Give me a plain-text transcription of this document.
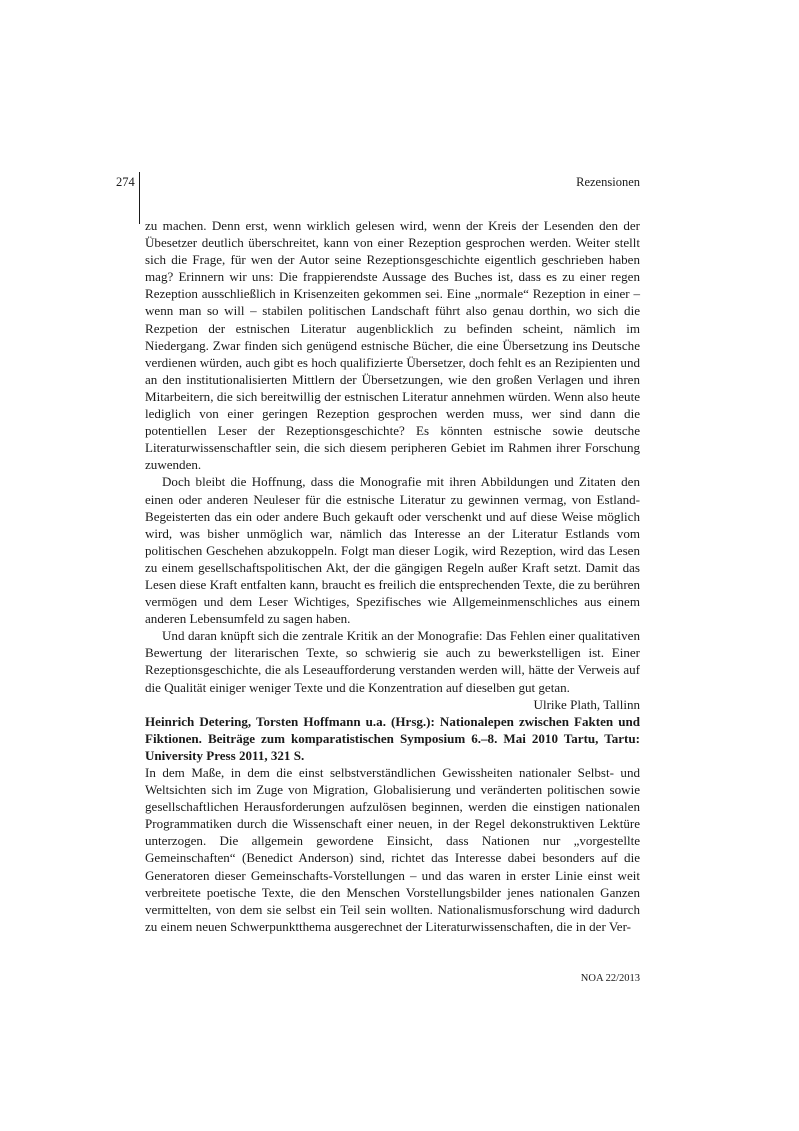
274	Rezensionen

zu machen. Denn erst, wenn wirklich gelesen wird, wenn der Kreis der Lesenden den der Übesetzer deutlich überschreitet, kann von einer Rezeption gesprochen werden. Weiter stellt sich die Frage, für wen der Autor seine Rezeptionsgeschichte eigentlich geschrieben haben mag? Erinnern wir uns: Die frappierendste Aussage des Buches ist, dass es zu einer regen Rezeption ausschließlich in Krisenzeiten gekommen sei. Eine „normale“ Rezeption in einer – wenn man so will – stabilen politischen Landschaft führt also genau dorthin, wo sich die Rezpetion der estnischen Literatur augenblicklich zu befinden scheint, nämlich im Niedergang. Zwar finden sich genügend estnische Bücher, die eine Übersetzung ins Deutsche verdienen würden, auch gibt es hoch qualifizierte Übersetzer, doch fehlt es an Rezipienten und an den institutionalisierten Mittlern der Übersetzungen, wie den großen Verlagen und ihren Mitarbeitern, die sich bereitwillig der estnischen Literatur annehmen würden. Wenn also heute lediglich von einer geringen Rezeption gesprochen werden muss, wer sind dann die potentiellen Leser der Rezeptionsgeschichte? Es könnten estnische sowie deutsche Literaturwissenschaftler sein, die sich diesem peripheren Gebiet im Rahmen ihrer Forschung zuwenden.

Doch bleibt die Hoffnung, dass die Monografie mit ihren Abbildungen und Zitaten den einen oder anderen Neuleser für die estnische Literatur zu gewinnen vermag, von Estland-Begeisterten das ein oder andere Buch gekauft oder verschenkt und auf diese Weise möglich wird, was bisher unmöglich war, nämlich das Interesse an der Literatur Estlands vom politischen Geschehen abzukoppeln. Folgt man dieser Logik, wird Rezeption, wird das Lesen zu einem gesellschaftspolitischen Akt, der die gängigen Regeln außer Kraft setzt. Damit das Lesen diese Kraft entfalten kann, braucht es freilich die entsprechenden Texte, die zu berühren vermögen und dem Leser Wichtiges, Spezifisches wie Allgemeinmenschliches aus einem anderen Lebensumfeld zu sagen haben.

Und daran knüpft sich die zentrale Kritik an der Monografie: Das Fehlen einer qualitativen Bewertung der literarischen Texte, so schwierig sie auch zu bewerkstelligen ist. Einer Rezeptionsgeschichte, die als Leseaufforderung verstanden werden will, hätte der Verweis auf die Qualität einiger weniger Texte und die Konzentration auf dieselben gut getan.

Ulrike Plath, Tallinn

Heinrich Detering, Torsten Hoffmann u.a. (Hrsg.): Nationalepen zwischen Fakten und Fiktionen. Beiträge zum komparatistischen Symposium 6.–8. Mai 2010 Tartu, Tartu: University Press 2011, 321 S.

In dem Maße, in dem die einst selbstverständlichen Gewissheiten nationaler Selbst- und Weltsichten sich im Zuge von Migration, Globalisierung und veränderten politischen sowie gesellschaftlichen Herausforderungen aufzulösen beginnen, werden die einstigen nationalen Programmatiken durch die Wissenschaft einer neuen, in der Regel dekonstruktiven Lektüre unterzogen. Die allgemein gewordene Einsicht, dass Nationen nur „vorgestellte Gemeinschaften“ (Benedict Anderson) sind, richtet das Interesse dabei besonders auf die Generatoren dieser Gemeinschafts-Vorstellungen – und das waren in erster Linie einst weit verbreitete poetische Texte, die den Menschen Vorstellungsbilder jenes nationalen Ganzen vermittelten, von dem sie selbst ein Teil sein wollten. Nationalismusforschung wird dadurch zu einem neuen Schwerpunktthema ausgerechnet der Literaturwissenschaften, die in der Ver-

NOA 22/2013
